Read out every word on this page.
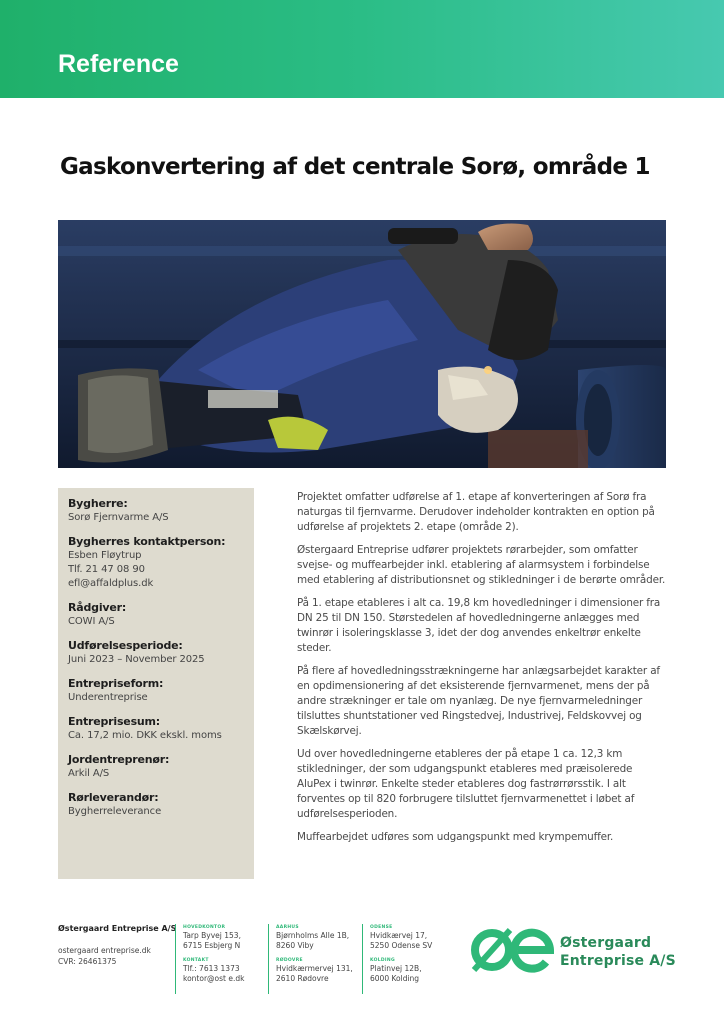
Reference
Gaskonvertering af det centrale Sorø, område 1
Bygherre:
Sorø Fjernvarme A/S
Bygherres kontaktperson:
Esben Fløytrup
Tlf. 21 47 08 90
efl@affaldplus.dk
Rådgiver:
COWI A/S
Udførelsesperiode:
Juni 2023 – November 2025
Entrepriseform:
Underentreprise
Entreprisesum:
Ca. 17,2 mio. DKK ekskl. moms
Jordentreprenør:
Arkil A/S
Rørleverandør:
Bygherreleverance

Projektet omfatter udførelse af 1. etape af konverteringen af Sorø fra naturgas til fjernvarme. Derudover indeholder kontrakten en option på udførelse af projektets 2. etape (område 2).

Østergaard Entreprise udfører projektets rørarbejder, som omfatter svejse- og muffearbejder inkl. etablering af alarmsystem i forbindelse med etablering af distributionsnet og stikledninger i de berørte områder.

På 1. etape etableres i alt ca. 19,8 km hovedledninger i dimensioner fra DN 25 til DN 150. Størstedelen af hovedledningerne anlægges med twinrør i isoleringsklasse 3, idet der dog anvendes enkeltrør enkelte steder.

På flere af hovedledningsstrækningerne har anlægsarbejdet karakter af en opdimensionering af det eksisterende fjernvarmenet, mens der på andre strækninger er tale om nyanlæg. De nye fjernvarmeledninger tilsluttes shuntstationer ved Ringstedvej, Industrivej, Feldskovvej og Skælskørvej.

Ud over hovedledningerne etableres der på etape 1 ca. 12,3 km stikledninger, der som udgangspunkt etableres med præisolerede AluPex i twinrør. Enkelte steder etableres dog fastrørrørsstik. I alt forventes op til 820 forbrugere tilsluttet fjernvarmenettet i løbet af udførelsesperioden.

Muffearbejdet udføres som udgangspunkt med krympemuffer.

Østergaard Entreprise A/S
ostergaard entreprise.dk
CVR: 26461375
HOVEDKONTOR
Tarp Byvej 153,
6715 Esbjerg N
KONTAKT
Tlf.: 7613 1373
kontor@ost e.dk
AARHUS
Bjørnholms Alle 1B,
8260 Viby
RØDOVRE
Hvidkærmervej 131,
2610 Rødovre
ODENSE
Hvidkærvej 17,
5250 Odense SV
KOLDING
Platinvej 12B,
6000 Kolding
Østergaard
Entreprise A/S
